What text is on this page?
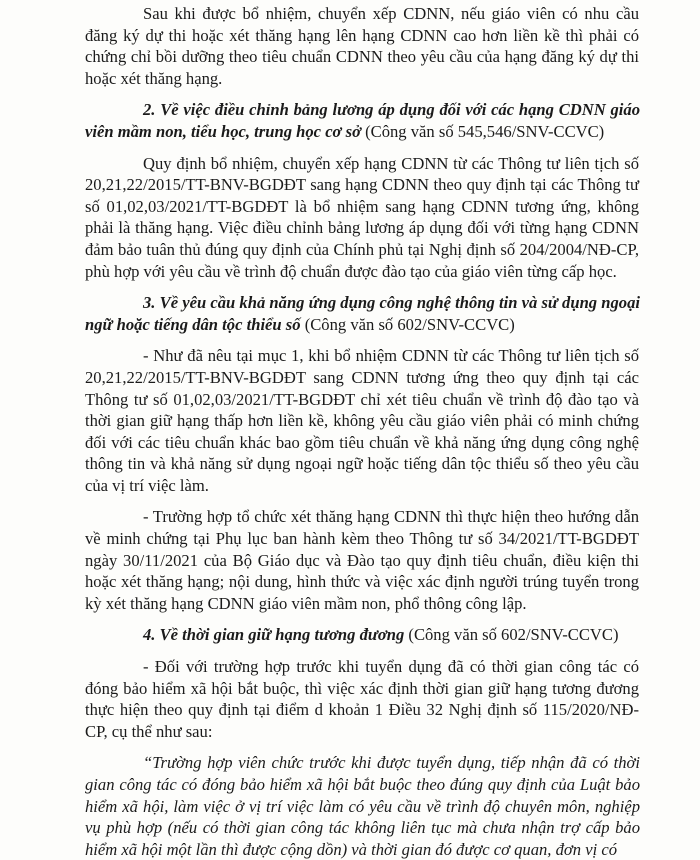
Sau khi được bổ nhiệm, chuyển xếp CDNN, nếu giáo viên có nhu cầu đăng ký dự thi hoặc xét thăng hạng lên hạng CDNN cao hơn liền kề thì phải có chứng chỉ bồi dưỡng theo tiêu chuẩn CDNN theo yêu cầu của hạng đăng ký dự thi hoặc xét thăng hạng.

2. Về việc điều chỉnh bảng lương áp dụng đối với các hạng CDNN giáo viên mầm non, tiểu học, trung học cơ sở (Công văn số 545,546/SNV-CCVC)

Quy định bổ nhiệm, chuyển xếp hạng CDNN từ các Thông tư liên tịch số 20,21,22/2015/TT-BNV-BGDĐT sang hạng CDNN theo quy định tại các Thông tư số 01,02,03/2021/TT-BGDĐT là bổ nhiệm sang hạng CDNN tương ứng, không phải là thăng hạng. Việc điều chỉnh bảng lương áp dụng đối với từng hạng CDNN đảm bảo tuân thủ đúng quy định của Chính phủ tại Nghị định số 204/2004/NĐ-CP, phù hợp với yêu cầu về trình độ chuẩn được đào tạo của giáo viên từng cấp học.

3. Về yêu cầu khả năng ứng dụng công nghệ thông tin và sử dụng ngoại ngữ hoặc tiếng dân tộc thiểu số (Công văn số 602/SNV-CCVC)

- Như đã nêu tại mục 1, khi bổ nhiệm CDNN từ các Thông tư liên tịch số 20,21,22/2015/TT-BNV-BGDĐT sang CDNN tương ứng theo quy định tại các Thông tư số 01,02,03/2021/TT-BGDĐT chỉ xét tiêu chuẩn về trình độ đào tạo và thời gian giữ hạng thấp hơn liền kề, không yêu cầu giáo viên phải có minh chứng đối với các tiêu chuẩn khác bao gồm tiêu chuẩn về khả năng ứng dụng công nghệ thông tin và khả năng sử dụng ngoại ngữ hoặc tiếng dân tộc thiểu số theo yêu cầu của vị trí việc làm.

- Trường hợp tổ chức xét thăng hạng CDNN thì thực hiện theo hướng dẫn về minh chứng tại Phụ lục ban hành kèm theo Thông tư số 34/2021/TT-BGDĐT ngày 30/11/2021 của Bộ Giáo dục và Đào tạo quy định tiêu chuẩn, điều kiện thi hoặc xét thăng hạng; nội dung, hình thức và việc xác định người trúng tuyển trong kỳ xét thăng hạng CDNN giáo viên mầm non, phổ thông công lập.

4. Về thời gian giữ hạng tương đương (Công văn số 602/SNV-CCVC)

- Đối với trường hợp trước khi tuyển dụng đã có thời gian công tác có đóng bảo hiểm xã hội bắt buộc, thì việc xác định thời gian giữ hạng tương đương thực hiện theo quy định tại điểm d khoản 1 Điều 32 Nghị định số 115/2020/NĐ-CP, cụ thể như sau:

“Trường hợp viên chức trước khi được tuyển dụng, tiếp nhận đã có thời gian công tác có đóng bảo hiểm xã hội bắt buộc theo đúng quy định của Luật bảo hiểm xã hội, làm việc ở vị trí việc làm có yêu cầu về trình độ chuyên môn, nghiệp vụ phù hợp (nếu có thời gian công tác không liên tục mà chưa nhận trợ cấp bảo hiểm xã hội một lần thì được cộng dồn) và thời gian đó được cơ quan, đơn vị có
